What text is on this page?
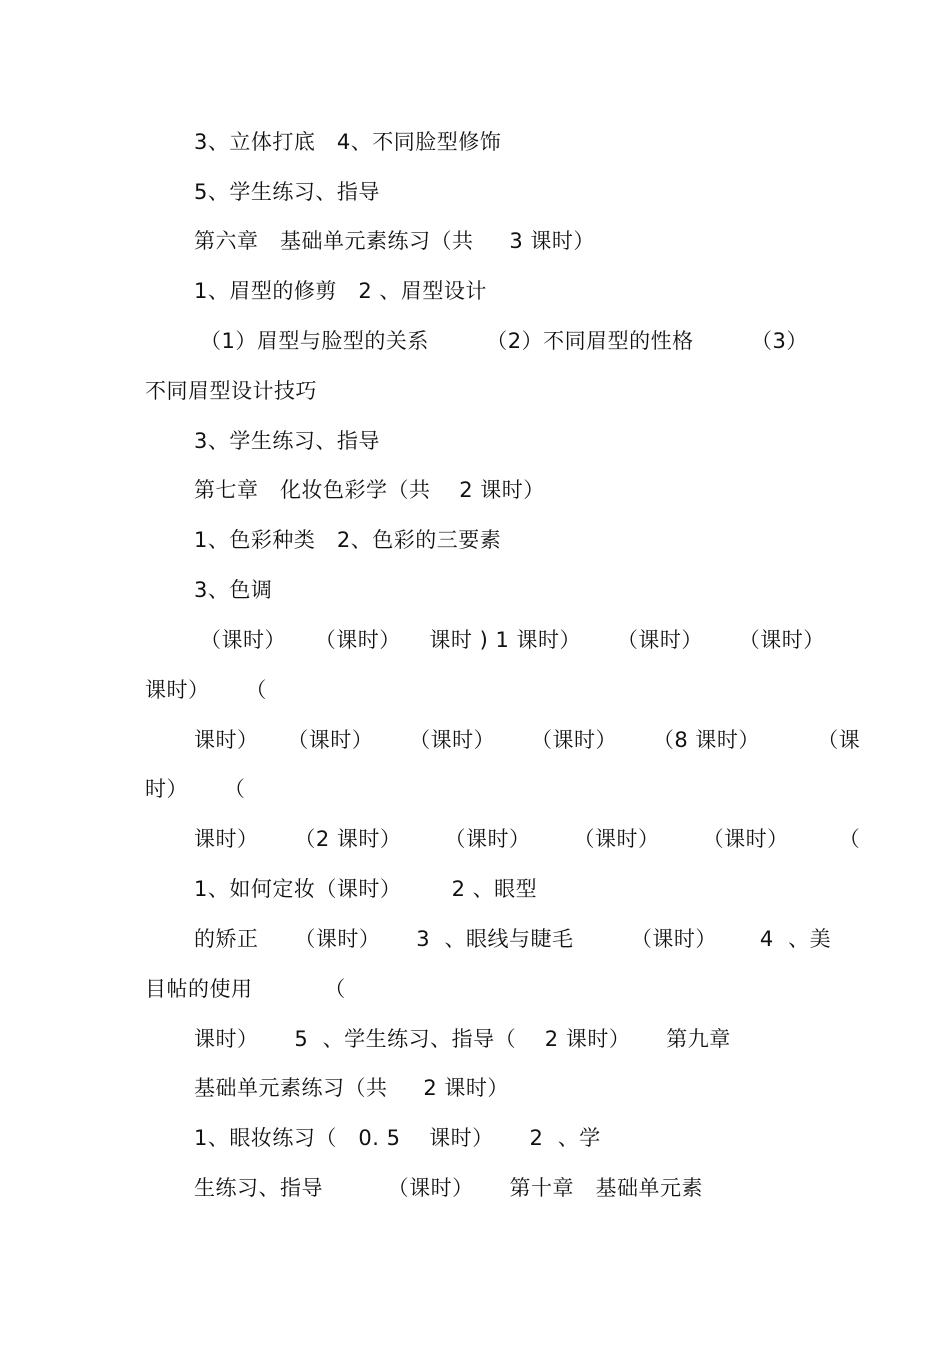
3、立体打底   4、不同脸型修饰
5、学生练习、指导
第六章   基础单元素练习（共     3 课时）
1、眉型的修剪   2 、眉型设计
（1）眉型与脸型的关系        （2）不同眉型的性格        （3）
不同眉型设计技巧
3、学生练习、指导
第七章   化妆色彩学（共    2 课时）
1、色彩种类   2、色彩的三要素
3、色调
（课时）    （课时）    课时 ) 1 课时）     （课时）     （课时）
课时）     （
课时）    （课时）     （课时）     （课时）     （8 课时）        （课
时）     （
课时）     （2 课时）      （课时）      （课时）      （课时）       （
1、如何定妆（课时）       2 、眼型
的矫正     （课时）     3  、眼线与睫毛        （课时）      4  、美
目帖的使用          （
课时）     5  、学生练习、指导（    2 课时）     第九章
基础单元素练习（共     2 课时）
1、眼妆练习（   0. 5    课时）     2  、学
生练习、指导         （课时）     第十章   基础单元素
